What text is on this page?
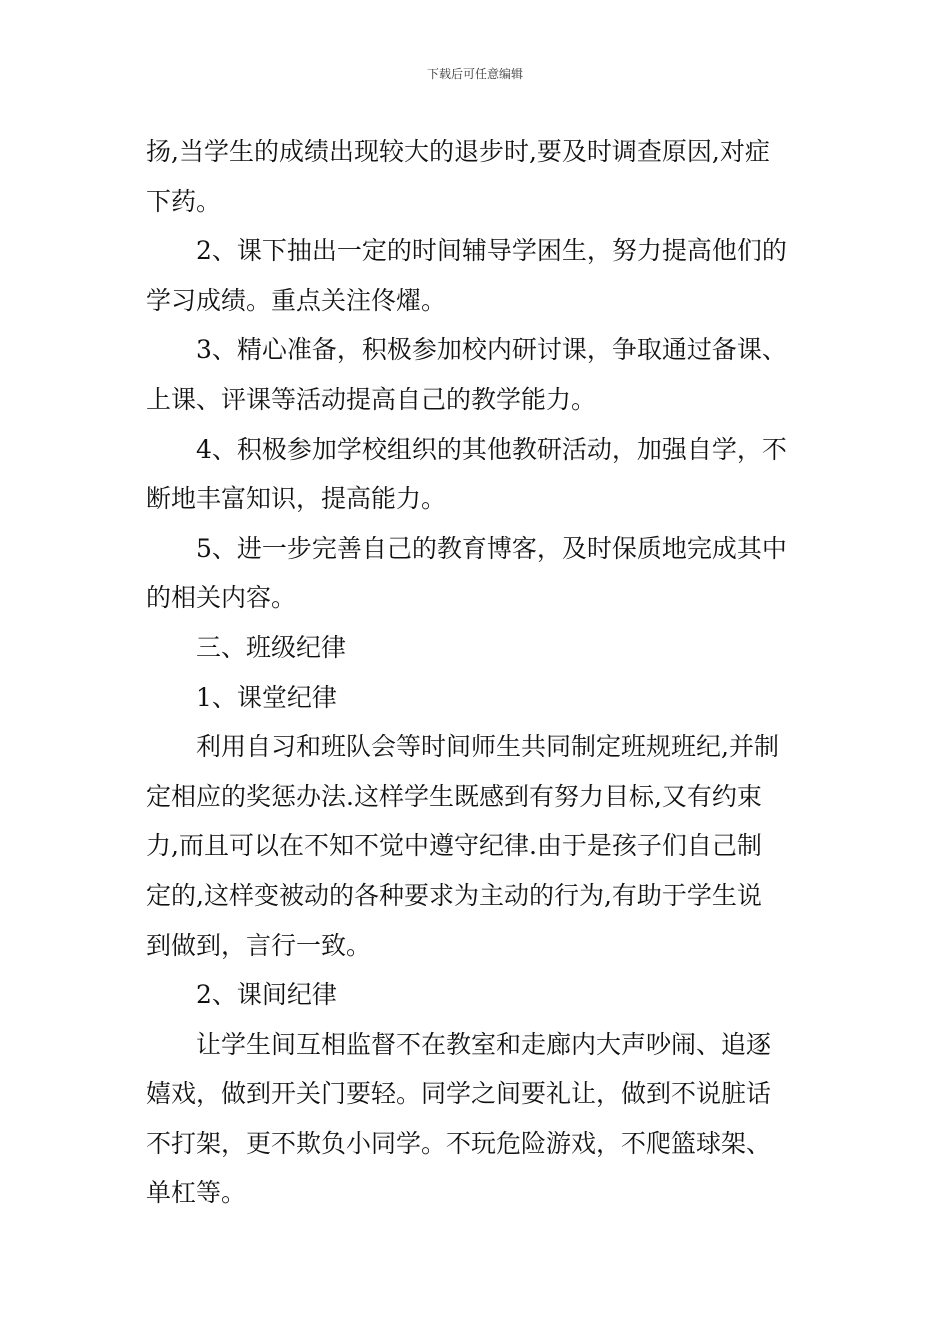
下载后可任意编辑
扬,当学生的成绩出现较大的退步时,要及时调查原因,对症
下药。
2、课下抽出一定的时间辅导学困生，努力提高他们的
学习成绩。重点关注佟燿。
3、精心准备，积极参加校内研讨课，争取通过备课、
上课、评课等活动提高自己的教学能力。
4、积极参加学校组织的其他教研活动，加强自学，不
断地丰富知识，提高能力。
5、进一步完善自己的教育博客，及时保质地完成其中
的相关内容。
三、班级纪律
1、课堂纪律
利用自习和班队会等时间师生共同制定班规班纪,并制
定相应的奖惩办法.这样学生既感到有努力目标,又有约束
力,而且可以在不知不觉中遵守纪律.由于是孩子们自己制
定的,这样变被动的各种要求为主动的行为,有助于学生说
到做到，言行一致。
2、课间纪律
让学生间互相监督不在教室和走廊内大声吵闹、追逐
嬉戏，做到开关门要轻。同学之间要礼让，做到不说脏话
不打架，更不欺负小同学。不玩危险游戏，不爬篮球架、
单杠等。
